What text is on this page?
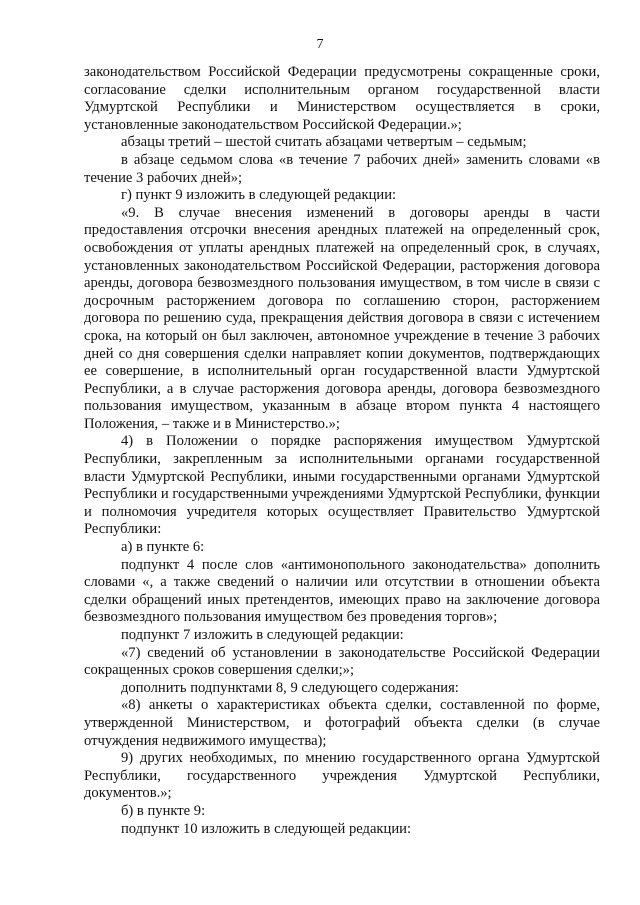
7

законодательством Российской Федерации предусмотрены сокращенные сроки, согласование сделки исполнительным органом государственной власти Удмуртской Республики и Министерством осуществляется в сроки, установленные законодательством Российской Федерации.»;

абзацы третий – шестой считать абзацами четвертым – седьмым;

в абзаце седьмом слова «в течение 7 рабочих дней» заменить словами «в течение 3 рабочих дней»;

г) пункт 9 изложить в следующей редакции:

«9. В случае внесения изменений в договоры аренды в части предоставления отсрочки внесения арендных платежей на определенный срок, освобождения от уплаты арендных платежей на определенный срок, в случаях, установленных законодательством Российской Федерации, расторжения договора аренды, договора безвозмездного пользования имуществом, в том числе в связи с досрочным расторжением договора по соглашению сторон, расторжением договора по решению суда, прекращения действия договора в связи с истечением срока, на который он был заключен, автономное учреждение в течение 3 рабочих дней со дня совершения сделки направляет копии документов, подтверждающих ее совершение, в исполнительный орган государственной власти Удмуртской Республики, а в случае расторжения договора аренды, договора безвозмездного пользования имуществом, указанным в абзаце втором пункта 4 настоящего Положения, – также и в Министерство.»;

4) в Положении о порядке распоряжения имуществом Удмуртской Республики, закрепленным за исполнительными органами государственной власти Удмуртской Республики, иными государственными органами Удмуртской Республики и государственными учреждениями Удмуртской Республики, функции и полномочия учредителя которых осуществляет Правительство Удмуртской Республики:

а) в пункте 6:

подпункт 4 после слов «антимонопольного законодательства» дополнить словами «, а также сведений о наличии или отсутствии в отношении объекта сделки обращений иных претендентов, имеющих право на заключение договора безвозмездного пользования имуществом без проведения торгов»;

подпункт 7 изложить в следующей редакции:

«7) сведений об установлении в законодательстве Российской Федерации сокращенных сроков совершения сделки;»;

дополнить подпунктами 8, 9 следующего содержания:

«8) анкеты о характеристиках объекта сделки, составленной по форме, утвержденной Министерством, и фотографий объекта сделки (в случае отчуждения недвижимого имущества);

9) других необходимых, по мнению государственного органа Удмуртской Республики, государственного учреждения Удмуртской Республики, документов.»;

б) в пункте 9:

подпункт 10 изложить в следующей редакции:
